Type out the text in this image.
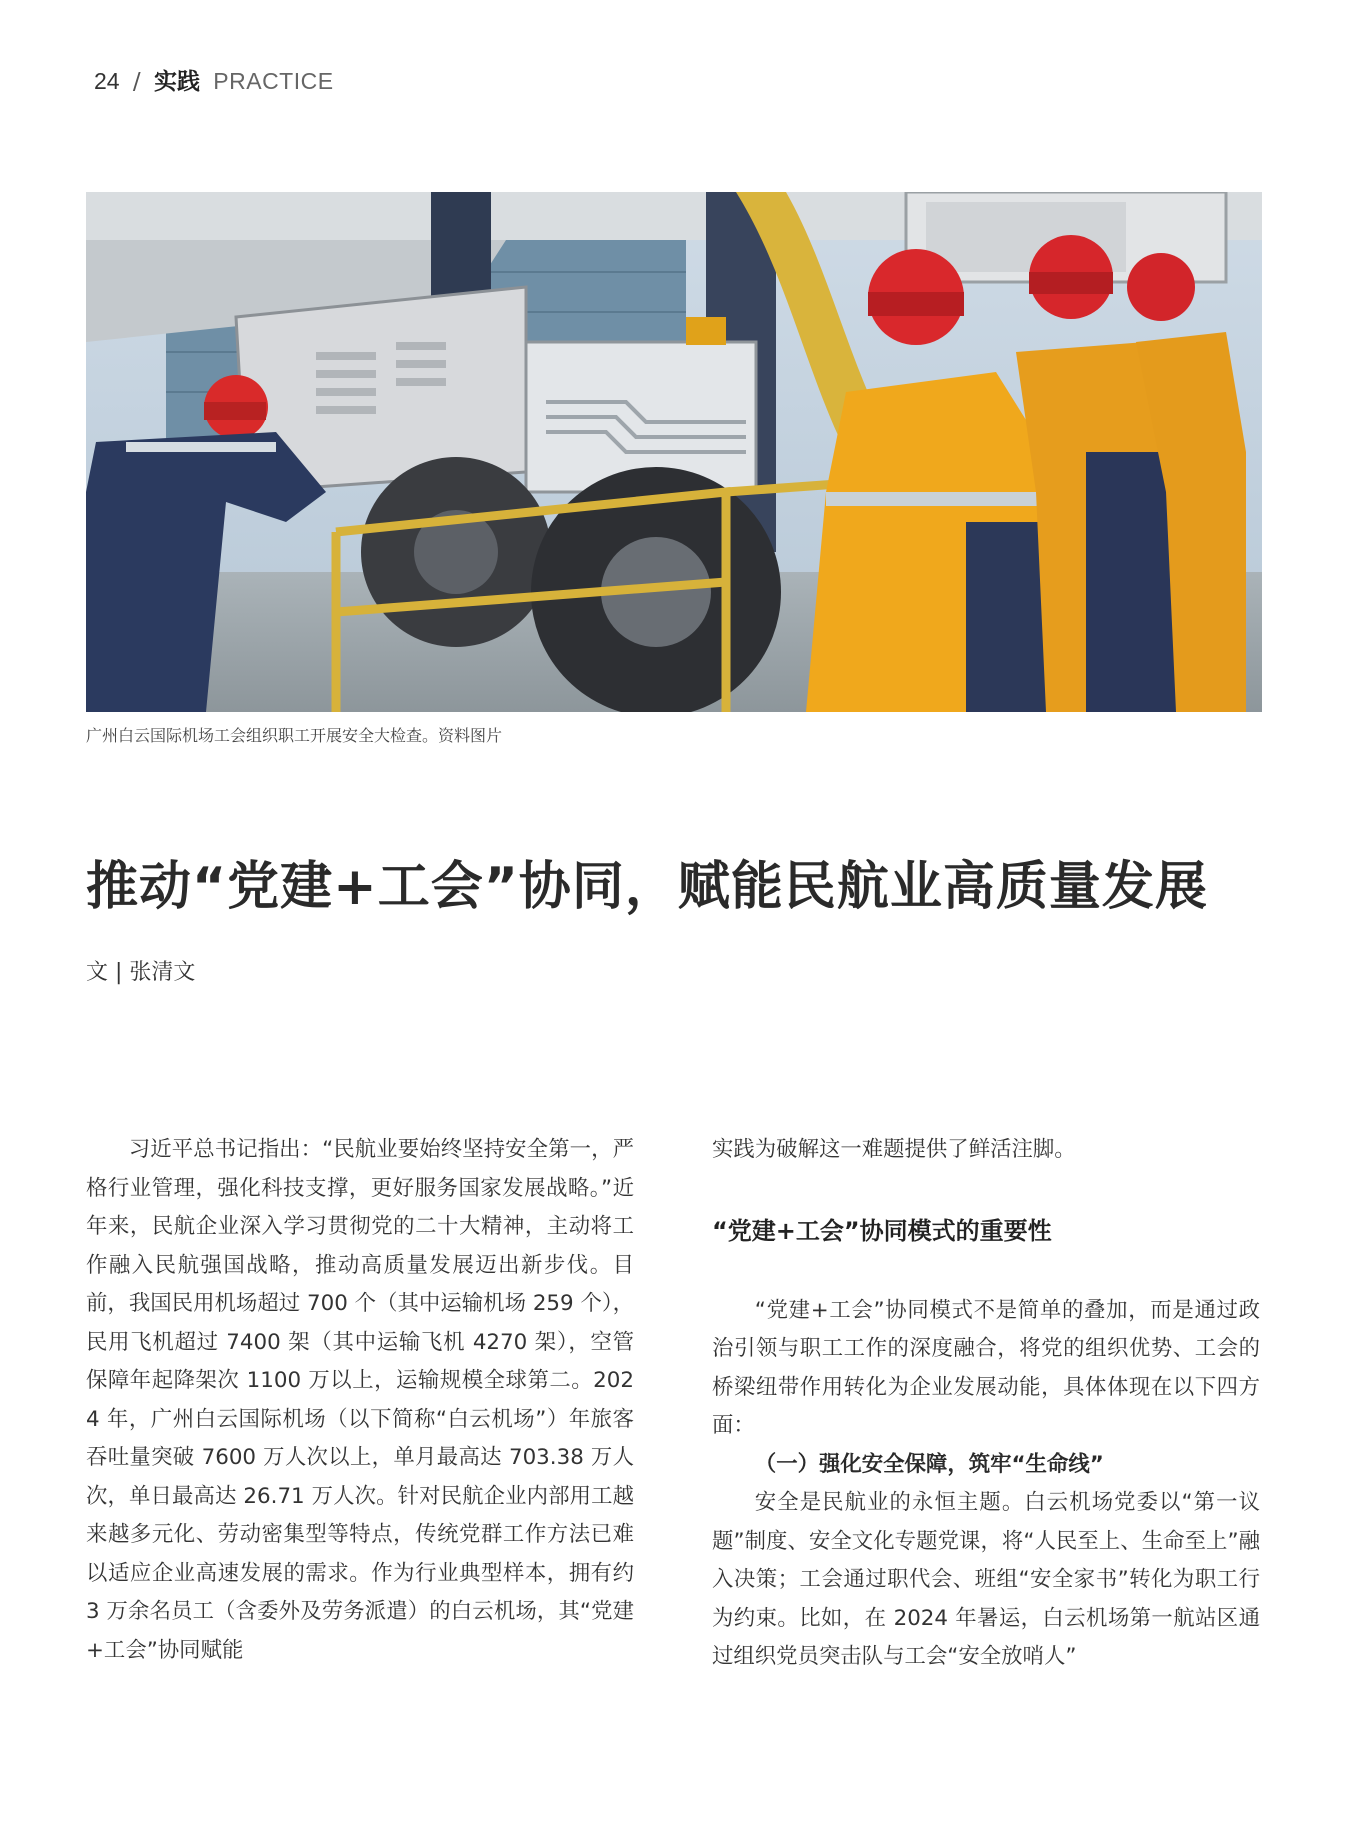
24 / 实践 PRACTICE
广州白云国际机场工会组织职工开展安全大检查。资料图片
推动“党建+工会”协同，赋能民航业高质量发展
文 | 张清文

习近平总书记指出：“民航业要始终坚持安全第一，严格行业管理，强化科技支撑，更好服务国家发展战略。”近年来，民航企业深入学习贯彻党的二十大精神，主动将工作融入民航强国战略，推动高质量发展迈出新步伐。目前，我国民用机场超过 700 个（其中运输机场 259 个），民用飞机超过 7400 架（其中运输飞机 4270 架），空管保障年起降架次 1100 万以上，运输规模全球第二。2024 年，广州白云国际机场（以下简称“白云机场”）年旅客吞吐量突破 7600 万人次以上，单月最高达 703.38 万人次，单日最高达 26.71 万人次。针对民航企业内部用工越来越多元化、劳动密集型等特点，传统党群工作方法已难以适应企业高速发展的需求。作为行业典型样本，拥有约 3 万余名员工（含委外及劳务派遣）的白云机场，其“党建+工会”协同赋能

实践为破解这一难题提供了鲜活注脚。

“党建+工会”协同模式的重要性

“党建+工会”协同模式不是简单的叠加，而是通过政治引领与职工工作的深度融合，将党的组织优势、工会的桥梁纽带作用转化为企业发展动能，具体体现在以下四方面：

（一）强化安全保障，筑牢“生命线”

安全是民航业的永恒主题。白云机场党委以“第一议题”制度、安全文化专题党课，将“人民至上、生命至上”融入决策；工会通过职代会、班组“安全家书”转化为职工行为约束。比如，在 2024 年暑运，白云机场第一航站区通过组织党员突击队与工会“安全放哨人”
